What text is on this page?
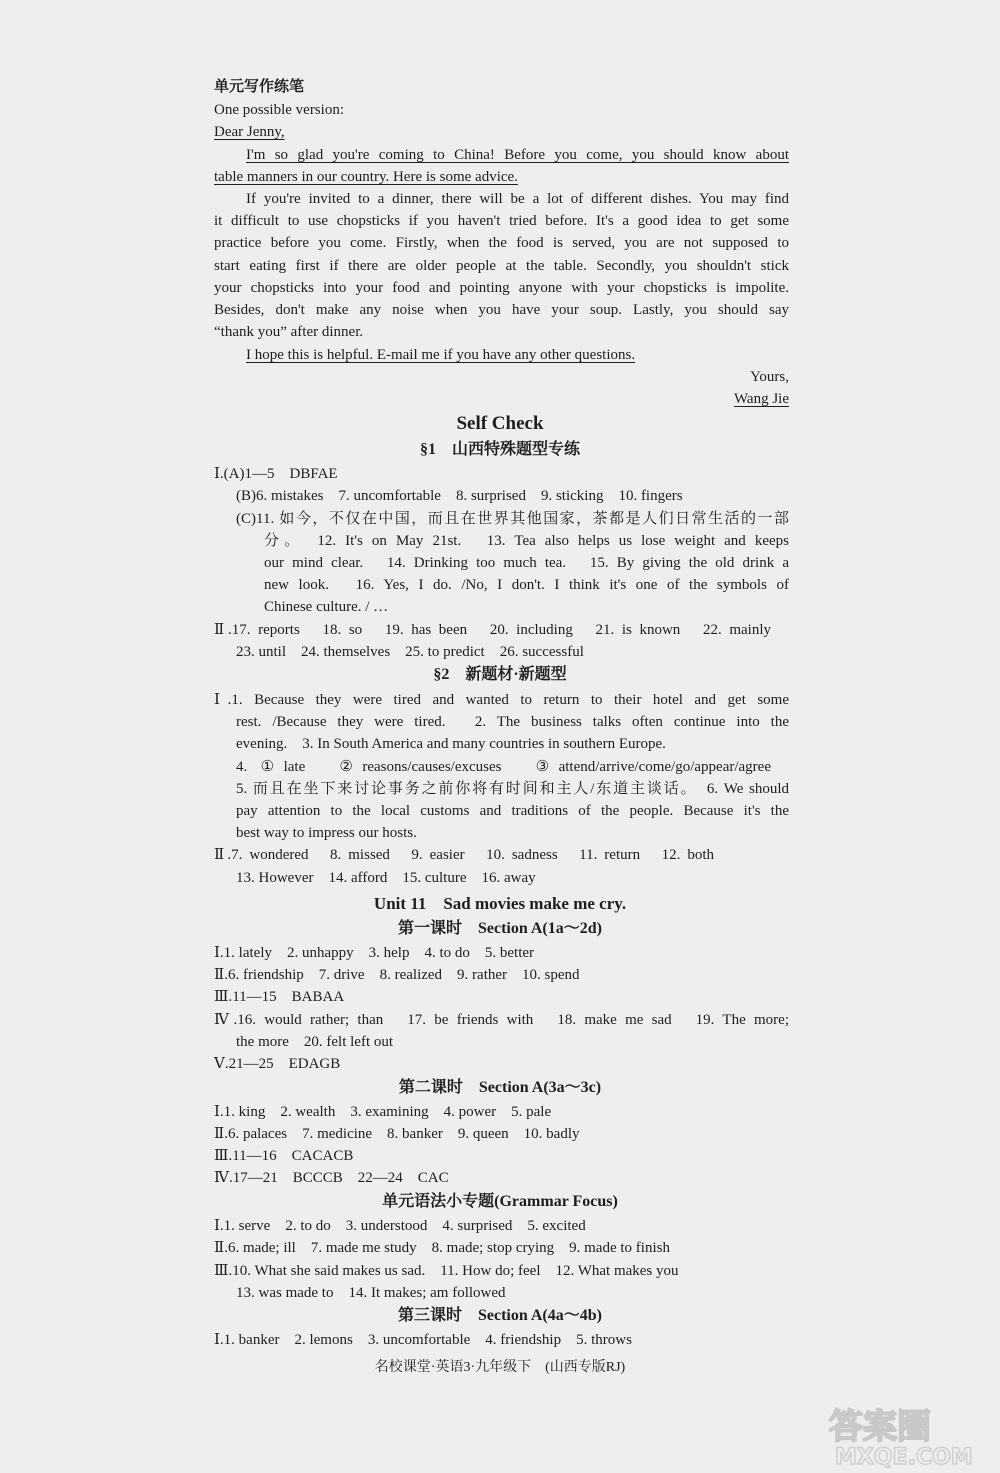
单元写作练笔
One possible version:
Dear Jenny,
I'm so glad you're coming to China! Before you come, you should know about
table manners in our country. Here is some advice.
If you're invited to a dinner, there will be a lot of different dishes. You may find
it difficult to use chopsticks if you haven't tried before. It's a good idea to get some
practice before you come. Firstly, when the food is served, you are not supposed to
start eating first if there are older people at the table. Secondly, you shouldn't stick
your chopsticks into your food and pointing anyone with your chopsticks is impolite.
Besides, don't make any noise when you have your soup. Lastly, you should say
“thank you” after dinner.
I hope this is helpful. E-mail me if you have any other questions.
Yours,
Wang Jie
Self Check
§1　山西特殊题型专练
Ⅰ.(A)1—5　DBFAE
(B)6. mistakes　7. uncomfortable　8. surprised　9. sticking　10. fingers
(C)11. 如今，不仅在中国，而且在世界其他国家，茶都是人们日常生活的一部
分。　12. It's on May 21st.　13. Tea also helps us lose weight and keeps
our mind clear.　14. Drinking too much tea.　15. By giving the old drink a
new look.　16. Yes, I do. /No, I don't. I think it's one of the symbols of
Chinese culture. / …
Ⅱ.17. reports　18. so　19. has been　20. including　21. is known　22. mainly
23. until　24. themselves　25. to predict　26. successful
§2　新题材·新题型
Ⅰ.1. Because they were tired and wanted to return to their hotel and get some
rest. /Because they were tired.　2. The business talks often continue into the
evening.　3. In South America and many countries in southern Europe.
4. ①late　②reasons/causes/excuses　③attend/arrive/come/go/appear/agree
5. 而且在坐下来讨论事务之前你将有时间和主人/东道主谈话。　6. We should
pay attention to the local customs and traditions of the people. Because it's the
best way to impress our hosts.
Ⅱ.7. wondered　8. missed　9. easier　10. sadness　11. return　12. both
13. However　14. afford　15. culture　16. away
Unit 11　Sad movies make me cry.
第一课时　Section A(1a～2d)
Ⅰ.1. lately　2. unhappy　3. help　4. to do　5. better
Ⅱ.6. friendship　7. drive　8. realized　9. rather　10. spend
Ⅲ.11—15　BABAA
Ⅳ.16. would rather; than　17. be friends with　18. make me sad　19. The more;
the more　20. felt left out
Ⅴ.21—25　EDAGB
第二课时　Section A(3a～3c)
Ⅰ.1. king　2. wealth　3. examining　4. power　5. pale
Ⅱ.6. palaces　7. medicine　8. banker　9. queen　10. badly
Ⅲ.11—16　CACACB
Ⅳ.17—21　BCCCB　22—24　CAC
单元语法小专题(Grammar Focus)
Ⅰ.1. serve　2. to do　3. understood　4. surprised　5. excited
Ⅱ.6. made; ill　7. made me study　8. made; stop crying　9. made to finish
Ⅲ.10. What she said makes us sad.　11. How do; feel　12. What makes you
13. was made to　14. It makes; am followed
第三课时　Section A(4a～4b)
Ⅰ.1. banker　2. lemons　3. uncomfortable　4. friendship　5. throws
名校课堂·英语3·九年级下　(山西专版RJ)
答案圈
MXQE.COM
